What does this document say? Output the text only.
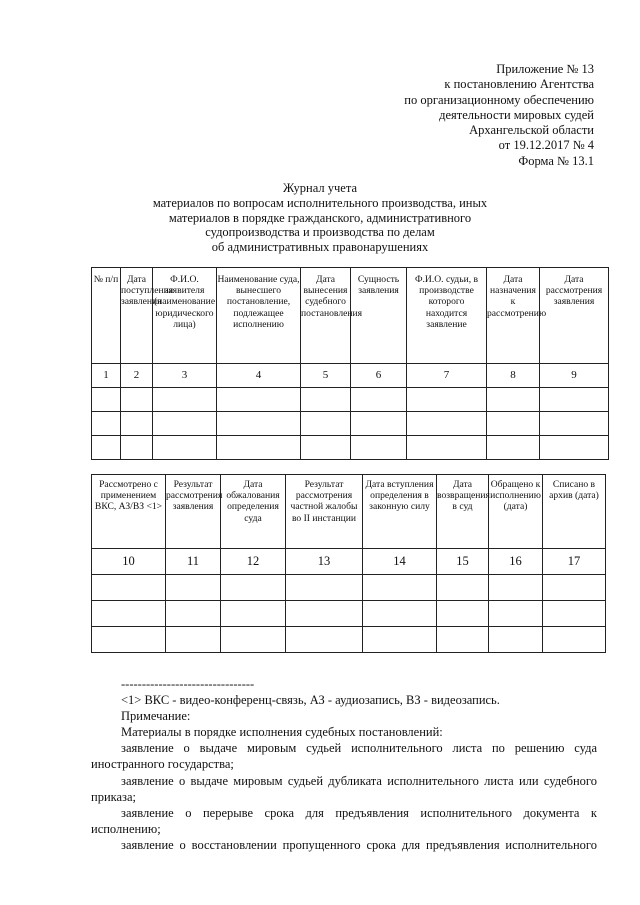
Приложение № 13
к постановлению Агентства
по организационному обеспечению
деятельности мировых судей
Архангельской области
от 19.12.2017 № 4
Форма № 13.1
Журнал учета
материалов по вопросам исполнительного производства, иных
материалов в порядке гражданского, административного
судопроизводства и производства по делам
об административных правонарушениях
№ п/п	Дата поступления заявления	Ф.И.О. заявителя (наименование юридического лица)	Наименование суда, вынесшего постановление, подлежащее исполнению	Дата вынесения судебного постановления	Сущность заявления	Ф.И.О. судьи, в производстве которого находится заявление	Дата назначения к рассмотрению	Дата рассмотрения заявления
1	2	3	4	5	6	7	8	9

Рассмотрено с применением ВКС, АЗ/ВЗ <1>	Результат рассмотрения заявления	Дата обжалования определения суда	Результат рассмотрения частной жалобы во II инстанции	Дата вступления определения в законную силу	Дата возвращения в суд	Обращено к исполнению (дата)	Списано в архив (дата)
10	11	12	13	14	15	16	17

--------------------------------
<1> ВКС - видео-конференц-связь, АЗ - аудиозапись, ВЗ - видеозапись.
Примечание:
Материалы в порядке исполнения судебных постановлений:
заявление о выдаче мировым судьей исполнительного листа по решению суда иностранного государства;
заявление о выдаче мировым судьей дубликата исполнительного листа или судебного приказа;
заявление о перерыве срока для предъявления исполнительного документа к исполнению;
заявление о восстановлении пропущенного срока для предъявления исполнительного
